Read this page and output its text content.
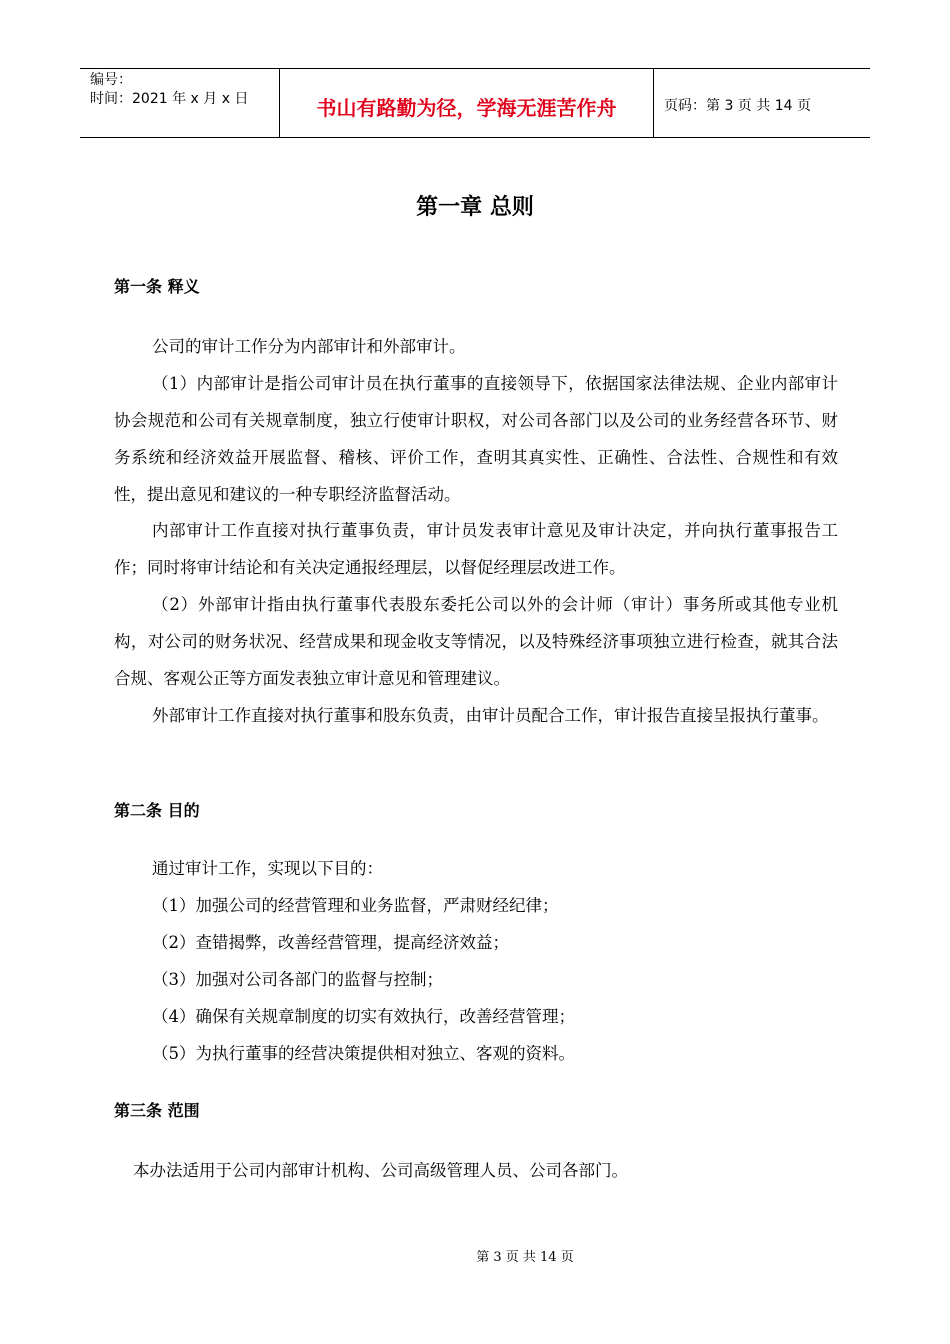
编号：
时间：2021 年 x 月 x 日	书山有路勤为径，学海无涯苦作舟	页码：第 3 页 共 14 页
第一章 总则
第一条 释义
公司的审计工作分为内部审计和外部审计。
（1）内部审计是指公司审计员在执行董事的直接领导下，依据国家法律法规、企业内部审计协会规范和公司有关规章制度，独立行使审计职权，对公司各部门以及公司的业务经营各环节、财务系统和经济效益开展监督、稽核、评价工作，查明其真实性、正确性、合法性、合规性和有效性，提出意见和建议的一种专职经济监督活动。
内部审计工作直接对执行董事负责，审计员发表审计意见及审计决定，并向执行董事报告工作；同时将审计结论和有关决定通报经理层，以督促经理层改进工作。
（2）外部审计指由执行董事代表股东委托公司以外的会计师（审计）事务所或其他专业机构，对公司的财务状况、经营成果和现金收支等情况，以及特殊经济事项独立进行检查，就其合法合规、客观公正等方面发表独立审计意见和管理建议。
外部审计工作直接对执行董事和股东负责，由审计员配合工作，审计报告直接呈报执行董事。
第二条 目的
通过审计工作，实现以下目的：
（1）加强公司的经营管理和业务监督，严肃财经纪律；
（2）查错揭弊，改善经营管理，提高经济效益；
（3）加强对公司各部门的监督与控制；
（4）确保有关规章制度的切实有效执行，改善经营管理；
（5）为执行董事的经营决策提供相对独立、客观的资料。
第三条 范围
本办法适用于公司内部审计机构、公司高级管理人员、公司各部门。
第 3 页 共 14 页
